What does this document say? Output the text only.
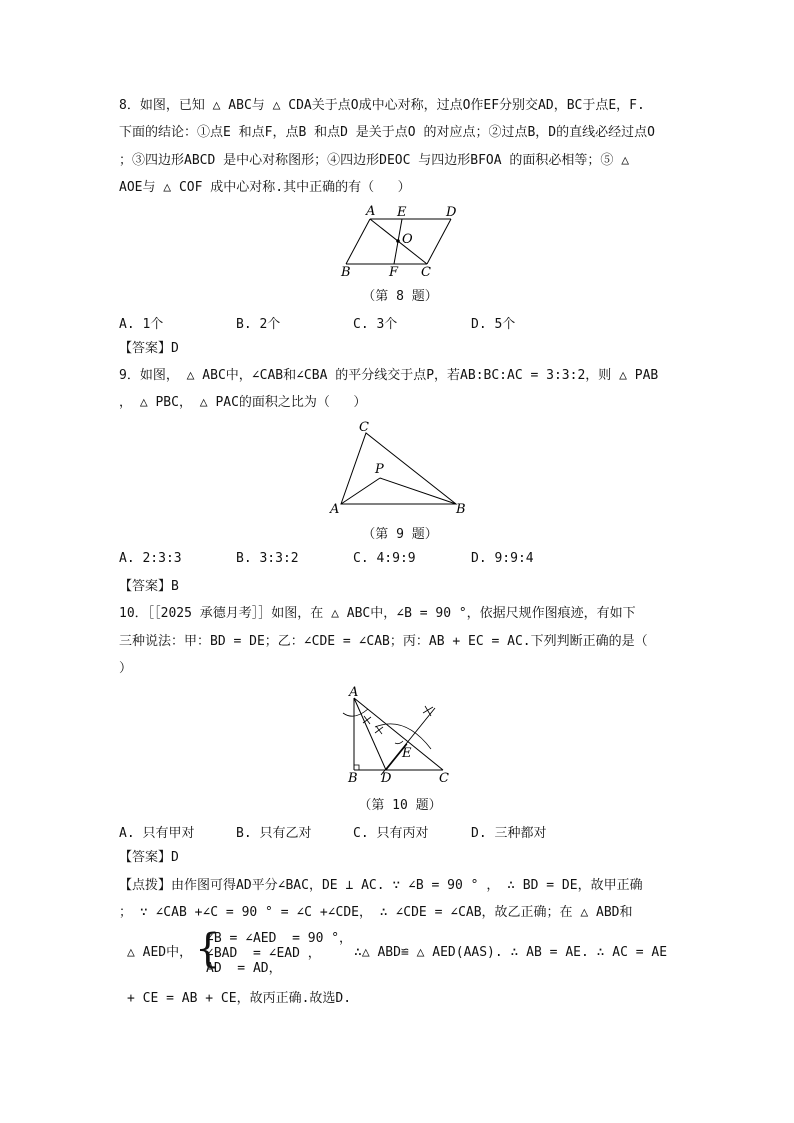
8．如图，已知 △ ABC与 △ CDA关于点O成中心对称，过点O作EF分别交AD，BC于点E，F.
下面的结论：①点E 和点F，点B 和点D 是关于点O 的对应点；②过点B，D的直线必经过点O
；③四边形ABCD 是中心对称图形；④四边形DEOC 与四边形BFOA 的面积必相等；⑤ △
AOE与 △ COF 成中心对称.其中正确的有（   ）
A E	D
O
B	F C
（第 8 题）
A. 1个	B. 2个	C. 3个	D. 5个
【答案】D
9．如图， △ ABC中，∠CAB和∠CBA 的平分线交于点P，若AB:BC:AC = 3:3:2，则 △ PAB
， △ PBC， △ PAC的面积之比为（   ）
C
P
A	B
（第 9 题）
A. 2:3:3	B. 3:3:2	C. 4:9:9	D. 9:9:4
【答案】B
10．［［2025 承德月考］］如图，在 △ ABC中，∠B = 90 °，依据尺规作图痕迹，有如下
三种说法：甲：BD = DE；乙：∠CDE = ∠CAB；丙：AB + EC = AC.下列判断正确的是（
）
A
E
B D	C
（第 10 题）
A. 只有甲对	B. 只有乙对	C. 只有丙对	D. 三种都对
【答案】D
【点拨】由作图可得AD平分∠BAC，DE ⊥ AC. ∵ ∠B = 90 ° ， ∴ BD = DE，故甲正确
； ∵ ∠CAB +∠C = 90 ° = ∠C +∠CDE， ∴ ∠CDE = ∠CAB，故乙正确；在 △ ABD和
△ AED中， {
∠B = ∠AED  = 90 °，
∠BAD  = ∠EAD ，
AD  = AD，
∴△ ABD≌ △ AED(AAS). ∴ AB = AE. ∴ AC = AE
+ CE = AB + CE，故丙正确.故选D.
